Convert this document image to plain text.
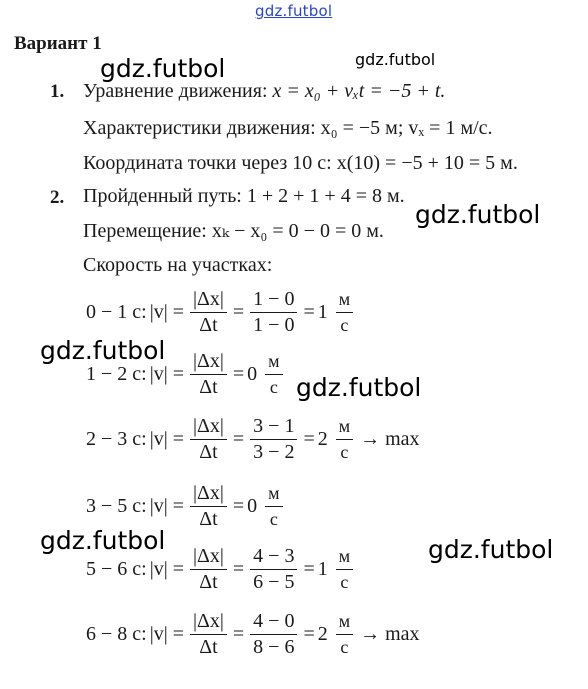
gdz.futbol
gdz.futbol	gdz.futbol
gdz.futbol
gdz.futbol
gdz.futbol
gdz.futbol	gdz.futbol
Вариант 1
1. Уравнение движения: x = x₀ + vₓt = −5 + t.
Характеристики движения: x₀ = −5 м; vₓ = 1 м/с.
Координата точки через 10 с: x(10) = −5 + 10 = 5 м.
2. Пройденный путь: 1 + 2 + 1 + 4 = 8 м.
Перемещение: xₖ − x₀ = 0 − 0 = 0 м.
Скорость на участках:
0 − 1 с: $|v| = \frac{|\Delta x|}{\Delta t} = \frac{1 - 0}{1 - 0} = 1 \frac{м}{с}$
1 − 2 с: $|v| = \frac{|\Delta x|}{\Delta t} = 0 \frac{м}{с}$
2 − 3 с: $|v| = \frac{|\Delta x|}{\Delta t} = \frac{3 - 1}{3 - 2} = 2 \frac{м}{с} \to \max$
3 − 5 с: $|v| = \frac{|\Delta x|}{\Delta t} = 0 \frac{м}{с}$
5 − 6 с: $|v| = \frac{|\Delta x|}{\Delta t} = \frac{4 - 3}{6 - 5} = 1 \frac{м}{с}$
6 − 8 с: $|v| = \frac{|\Delta x|}{\Delta t} = \frac{4 - 0}{8 - 6} = 2 \frac{м}{с} \to \max$
